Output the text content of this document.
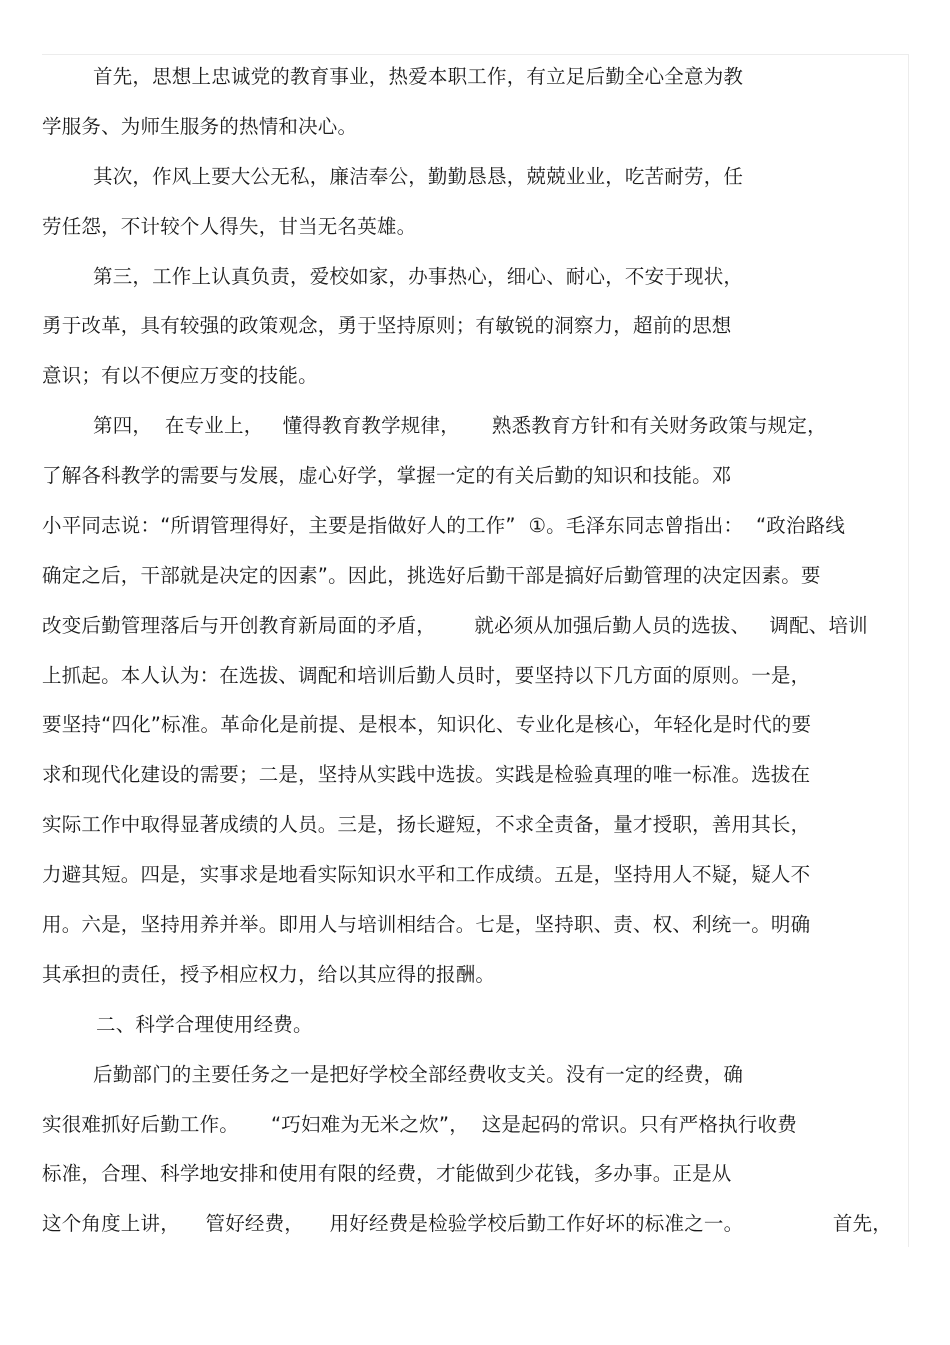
首先，思想上忠诚党的教育事业，热爱本职工作，有立足后勤全心全意为教
学服务、为师生服务的热情和决心。
其次，作风上要大公无私，廉洁奉公，勤勤恳恳，兢兢业业，吃苦耐劳，任
劳任怨，不计较个人得失，甘当无名英雄。
第三，工作上认真负责，爱校如家，办事热心，细心、耐心，不安于现状，
勇于改革，具有较强的政策观念，勇于坚持原则；有敏锐的洞察力，超前的思想
意识；有以不便应万变的技能。
第四，  在专业上，   懂得教育教学规律，     熟悉教育方针和有关财务政策与规定，
了解各科教学的需要与发展，虚心好学，掌握一定的有关后勤的知识和技能。邓
小平同志说：“所谓管理得好，主要是指做好人的工作”  ①。毛泽东同志曾指出：  “政治路线
确定之后，干部就是决定的因素”。因此，挑选好后勤干部是搞好后勤管理的决定因素。要
改变后勤管理落后与开创教育新局面的矛盾，      就必须从加强后勤人员的选拔、   调配、培训
上抓起。本人认为：在选拔、调配和培训后勤人员时，要坚持以下几方面的原则。一是，
要坚持“四化”标准。革命化是前提、是根本，知识化、专业化是核心，年轻化是时代的要
求和现代化建设的需要；二是，坚持从实践中选拔。实践是检验真理的唯一标准。选拔在
实际工作中取得显著成绩的人员。三是，扬长避短，不求全责备，量才授职，善用其长，
力避其短。四是，实事求是地看实际知识水平和工作成绩。五是，坚持用人不疑，疑人不
用。六是，坚持用养并举。即用人与培训相结合。七是，坚持职、责、权、利统一。明确
其承担的责任，授予相应权力，给以其应得的报酬。
二、科学合理使用经费。
后勤部门的主要任务之一是把好学校全部经费收支关。没有一定的经费，确
实很难抓好后勤工作。     “巧妇难为无米之炊”，  这是起码的常识。只有严格执行收费
标准，合理、科学地安排和使用有限的经费，才能做到少花钱，多办事。正是从
这个角度上讲，    管好经费，    用好经费是检验学校后勤工作好坏的标准之一。              首先，
